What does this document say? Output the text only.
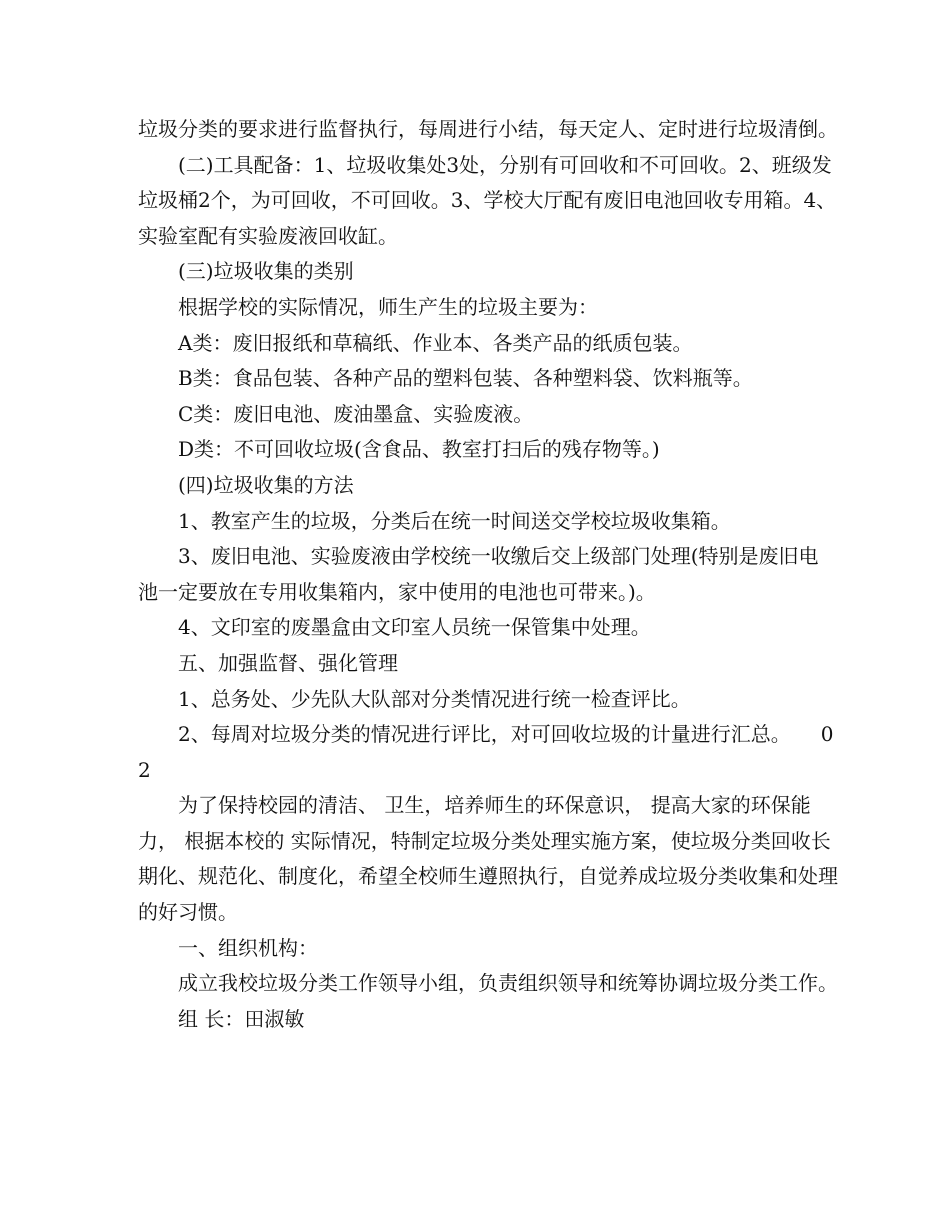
垃圾分类的要求进行监督执行，每周进行小结，每天定人、定时进行垃圾清倒。

(二)工具配备：1、垃圾收集处3处，分别有可回收和不可回收。2、班级发垃圾桶2个，为可回收，不可回收。3、学校大厅配有废旧电池回收专用箱。4、实验室配有实验废液回收缸。

(三)垃圾收集的类别

根据学校的实际情况，师生产生的垃圾主要为：

A类：废旧报纸和草稿纸、作业本、各类产品的纸质包装。

B类：食品包装、各种产品的塑料包装、各种塑料袋、饮料瓶等。

C类：废旧电池、废油墨盒、实验废液。

D类：不可回收垃圾(含食品、教室打扫后的残存物等。)

(四)垃圾收集的方法

1、教室产生的垃圾，分类后在统一时间送交学校垃圾收集箱。

3、废旧电池、实验废液由学校统一收缴后交上级部门处理(特别是废旧电池一定要放在专用收集箱内，家中使用的电池也可带来。)。

4、文印室的废墨盒由文印室人员统一保管集中处理。

五、加强监督、强化管理

1、总务处、少先队大队部对分类情况进行统一检查评比。

2、每周对垃圾分类的情况进行评比，对可回收垃圾的计量进行汇总。　　02

为了保持校园的清洁、 卫生，培养师生的环保意识， 提高大家的环保能力， 根据本校的 实际情况，特制定垃圾分类处理实施方案，使垃圾分类回收长期化、规范化、制度化，希望全校师生遵照执行，自觉养成垃圾分类收集和处理的好习惯。

一、组织机构：

成立我校垃圾分类工作领导小组，负责组织领导和统筹协调垃圾分类工作。

组 长：田淑敏
